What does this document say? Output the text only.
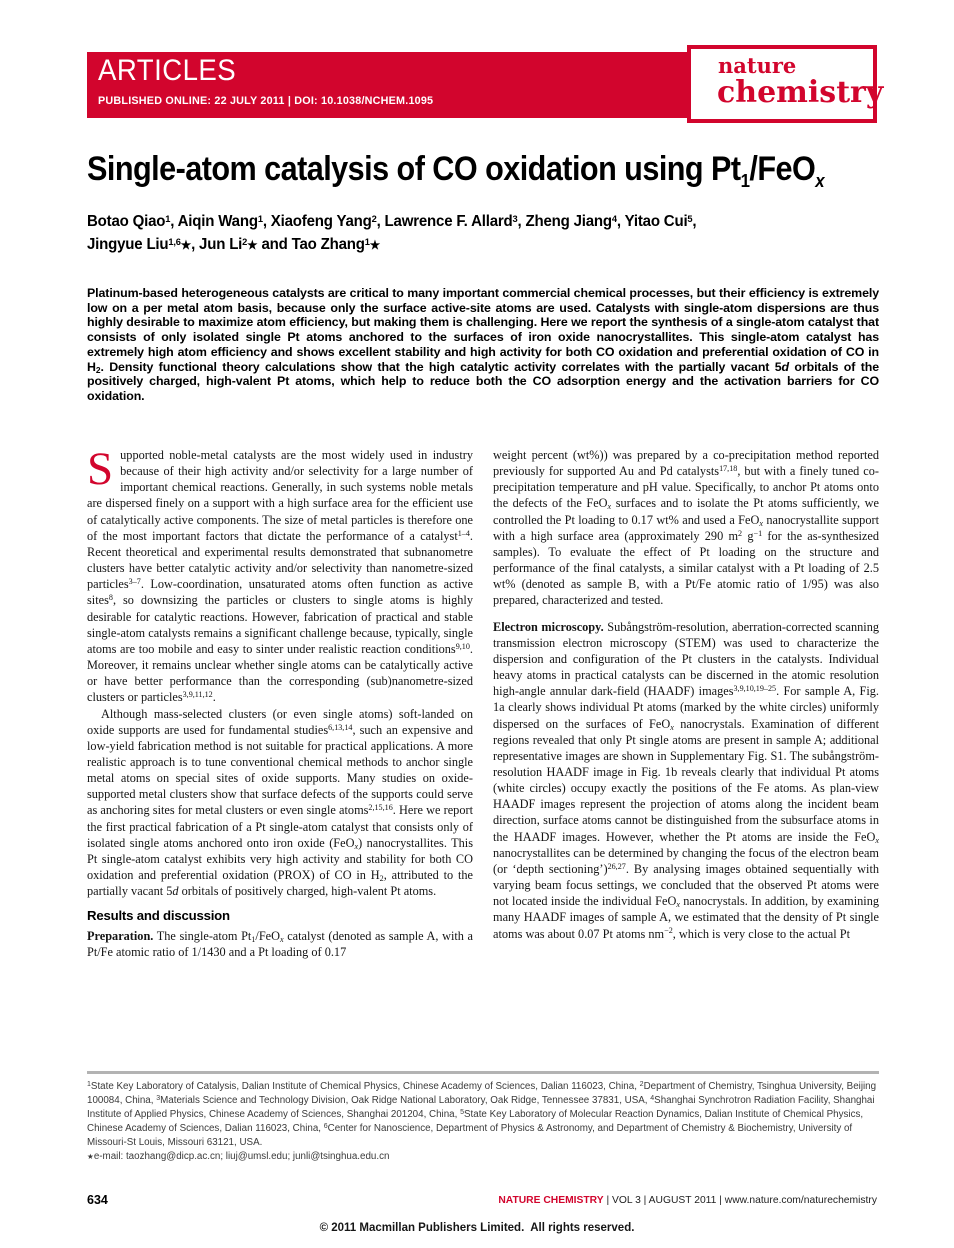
ARTICLES
PUBLISHED ONLINE: 22 JULY 2011 | DOI: 10.1038/NCHEM.1095
nature
chemistry
Single-atom catalysis of CO oxidation using $Pt_1/FeO_x$
Botao Qiao$^1$, Aiqin Wang$^1$, Xiaofeng Yang$^2$, Lawrence F. Allard$^3$, Zheng Jiang$^4$, Yitao Cui$^5$,
Jingyue Liu$^{1,6}$★, Jun Li$^2$★ and Tao Zhang$^1$★
Platinum-based heterogeneous catalysts are critical to many important commercial chemical processes, but their efficiency is extremely low on a per metal atom basis, because only the surface active-site atoms are used. Catalysts with single-atom dispersions are thus highly desirable to maximize atom efficiency, but making them is challenging. Here we report the synthesis of a single-atom catalyst that consists of only isolated single Pt atoms anchored to the surfaces of iron oxide nanocrystallites. This single-atom catalyst has extremely high atom efficiency and shows excellent stability and high activity for both CO oxidation and preferential oxidation of CO in $H_2$. Density functional theory calculations show that the high catalytic activity correlates with the partially vacant 5d orbitals of the positively charged, high-valent Pt atoms, which help to reduce both the CO adsorption energy and the activation barriers for CO oxidation.

Supported noble-metal catalysts are the most widely used in industry because of their high activity and/or selectivity for a large number of important chemical reactions. Generally, in such systems noble metals are dispersed finely on a support with a high surface area for the efficient use of catalytically active components. The size of metal particles is therefore one of the most important factors that dictate the performance of a catalyst$^{1-4}$. Recent theoretical and experimental results demonstrated that subnanometre clusters have better catalytic activity and/or selectivity than nanometre-sized particles$^{3-7}$. Low-coordination, unsaturated atoms often function as active sites$^8$, so downsizing the particles or clusters to single atoms is highly desirable for catalytic reactions. However, fabrication of practical and stable single-atom catalysts remains a significant challenge because, typically, single atoms are too mobile and easy to sinter under realistic reaction conditions$^{9,10}$. Moreover, it remains unclear whether single atoms can be catalytically active or have better performance than the corresponding (sub)nanometre-sized clusters or particles$^{3,9,11,12}$.

Although mass-selected clusters (or even single atoms) soft-landed on oxide supports are used for fundamental studies$^{6,13,14}$, such an expensive and low-yield fabrication method is not suitable for practical applications. A more realistic approach is to tune conventional chemical methods to anchor single metal atoms on special sites of oxide supports. Many studies on oxide-supported metal clusters show that surface defects of the supports could serve as anchoring sites for metal clusters or even single atoms$^{2,15,16}$. Here we report the first practical fabrication of a Pt single-atom catalyst that consists only of isolated single atoms anchored onto iron oxide (FeO$_x$) nanocrystallites. This Pt single-atom catalyst exhibits very high activity and stability for both CO oxidation and preferential oxidation (PROX) of CO in $H_2$, attributed to the partially vacant 5d orbitals of positively charged, high-valent Pt atoms.

Results and discussion

Preparation. The single-atom $Pt_1/FeO_x$ catalyst (denoted as sample A, with a Pt/Fe atomic ratio of 1/1430 and a Pt loading of 0.17

weight percent (wt%)) was prepared by a co-precipitation method reported previously for supported Au and Pd catalysts$^{17,18}$, but with a finely tuned co-precipitation temperature and pH value. Specifically, to anchor Pt atoms onto the defects of the FeO$_x$ surfaces and to isolate the Pt atoms sufficiently, we controlled the Pt loading to 0.17 wt% and used a FeO$_x$ nanocrystallite support with a high surface area (approximately 290 $m^2$ $g^{-1}$ for the as-synthesized samples). To evaluate the effect of Pt loading on the structure and performance of the final catalysts, a similar catalyst with a Pt loading of 2.5 wt% (denoted as sample B, with a Pt/Fe atomic ratio of 1/95) was also prepared, characterized and tested.

Electron microscopy. Subångström-resolution, aberration-corrected scanning transmission electron microscopy (STEM) was used to characterize the dispersion and configuration of the Pt clusters in the catalysts. Individual heavy atoms in practical catalysts can be discerned in the atomic resolution high-angle annular dark-field (HAADF) images$^{3,9,10,19-25}$. For sample A, Fig. 1a clearly shows individual Pt atoms (marked by the white circles) uniformly dispersed on the surfaces of FeO$_x$ nanocrystals. Examination of different regions revealed that only Pt single atoms are present in sample A; additional representative images are shown in Supplementary Fig. S1. The subångström-resolution HAADF image in Fig. 1b reveals clearly that individual Pt atoms (white circles) occupy exactly the positions of the Fe atoms. As plan-view HAADF images represent the projection of atoms along the incident beam direction, surface atoms cannot be distinguished from the subsurface atoms in the HAADF images. However, whether the Pt atoms are inside the FeO$_x$ nanocrystallites can be determined by changing the focus of the electron beam (or ‘depth sectioning’)$^{26,27}$. By analysing images obtained sequentially with varying beam focus settings, we concluded that the observed Pt atoms were not located inside the individual FeO$_x$ nanocrystals. In addition, by examining many HAADF images of sample A, we estimated that the density of Pt single atoms was about 0.07 Pt atoms $nm^{-2}$, which is very close to the actual Pt

$^1$State Key Laboratory of Catalysis, Dalian Institute of Chemical Physics, Chinese Academy of Sciences, Dalian 116023, China, $^2$Department of Chemistry, Tsinghua University, Beijing 100084, China, $^3$Materials Science and Technology Division, Oak Ridge National Laboratory, Oak Ridge, Tennessee 37831, USA, $^4$Shanghai Synchrotron Radiation Facility, Shanghai Institute of Applied Physics, Chinese Academy of Sciences, Shanghai 201204, China, $^5$State Key Laboratory of Molecular Reaction Dynamics, Dalian Institute of Chemical Physics, Chinese Academy of Sciences, Dalian 116023, China, $^6$Center for Nanoscience, Department of Physics & Astronomy, and Department of Chemistry & Biochemistry, University of Missouri-St Louis, Missouri 63121, USA.
★e-mail: taozhang@dicp.ac.cn; liuj@umsl.edu; junli@tsinghua.edu.cn
634	NATURE CHEMISTRY | VOL 3 | AUGUST 2011 | www.nature.com/naturechemistry
© 2011 Macmillan Publishers Limited.  All rights reserved.
